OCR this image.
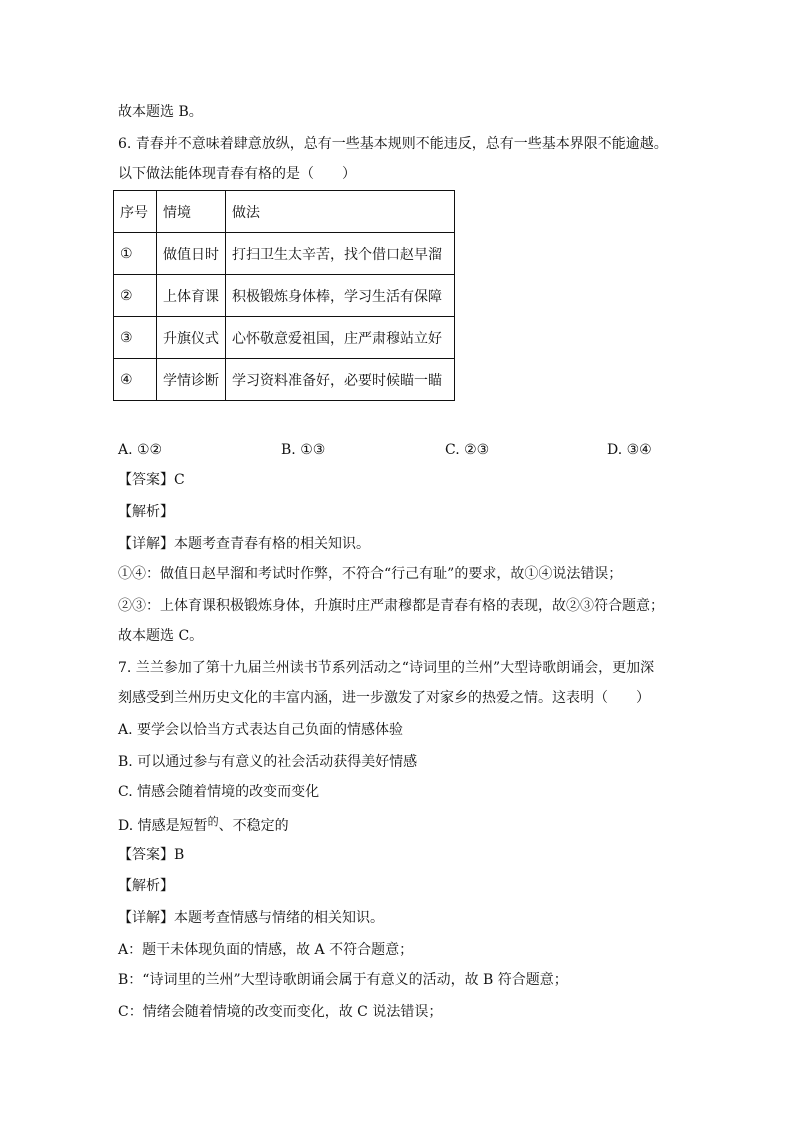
故本题选 B。
6. 青春并不意味着肆意放纵，总有一些基本规则不能违反，总有一些基本界限不能逾越。
以下做法能体现青春有格的是（　　）
序号	情境	做法
①	做值日时	打扫卫生太辛苦，找个借口赵早溜
②	上体育课	积极锻炼身体棒，学习生活有保障
③	升旗仪式	心怀敬意爱祖国，庄严肃穆站立好
④	学情诊断	学习资料准备好，必要时候瞄一瞄
A. ①②	B. ①③	C. ②③	D. ③④
【答案】C
【解析】
【详解】本题考查青春有格的相关知识。
①④：做值日赵早溜和考试时作弊，不符合“行己有耻”的要求，故①④说法错误；
②③：上体育课积极锻炼身体，升旗时庄严肃穆都是青春有格的表现，故②③符合题意；
故本题选 C。
7. 兰兰参加了第十九届兰州读书节系列活动之“诗词里的兰州”大型诗歌朗诵会，更加深
刻感受到兰州历史文化的丰富内涵，进一步激发了对家乡的热爱之情。这表明（　　）
A. 要学会以恰当方式表达自己负面的情感体验
B. 可以通过参与有意义的社会活动获得美好情感
C. 情感会随着情境的改变而变化
D. 情感是短暂$^的$、不稳定的
【答案】B
【解析】
【详解】本题考查情感与情绪的相关知识。
A：题干未体现负面的情感，故 A 不符合题意；
B：“诗词里的兰州”大型诗歌朗诵会属于有意义的活动，故 B 符合题意；
C：情绪会随着情境的改变而变化，故 C 说法错误；
